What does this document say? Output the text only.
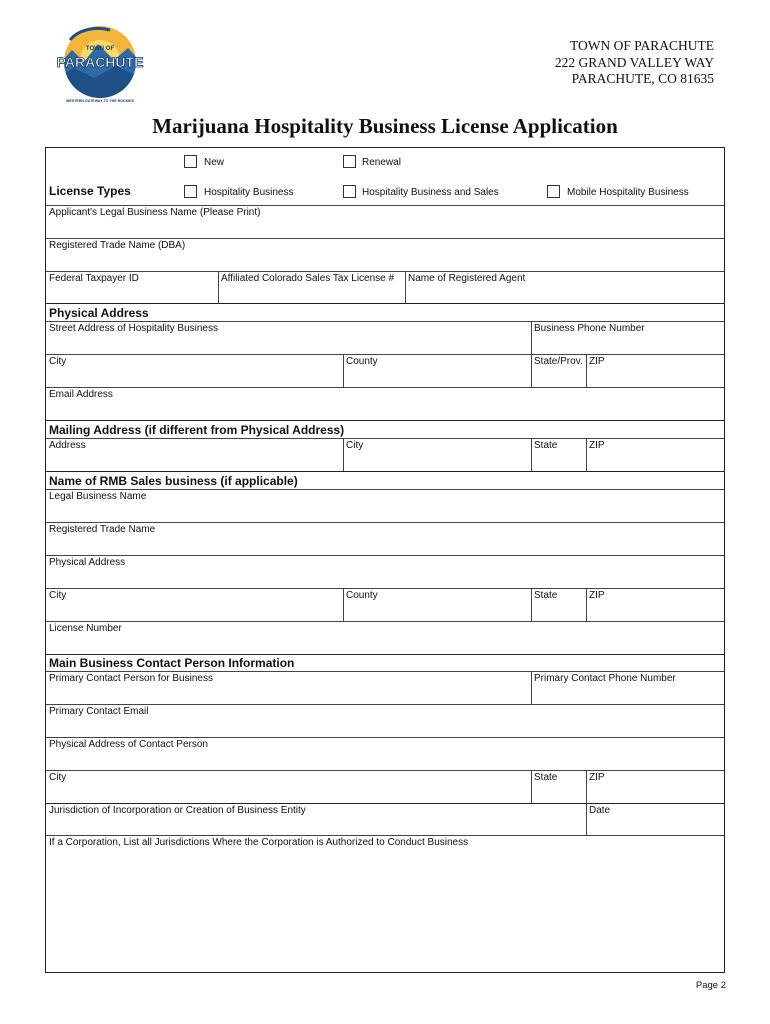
TOWN OF
PARACHUTE
WESTERN GATEWAY TO THE ROCKIES
TOWN OF PARACHUTE
222 GRAND VALLEY WAY
PARACHUTE, CO 81635
Marijuana Hospitality Business License Application
New	Renewal
License Types	Hospitality Business	Hospitality Business and Sales	Mobile Hospitality Business
Applicant's Legal Business Name (Please Print)
Registered Trade Name (DBA)
Federal Taxpayer ID	Affiliated Colorado Sales Tax License # Name of Registered Agent
Physical Address
Street Address of Hospitality Business	Business Phone Number
City	County	State/Prov. ZIP
Email Address
Mailing Address (if different from Physical Address)
Address	City	State	ZIP
Name of RMB Sales business (if applicable)
Legal Business Name
Registered Trade Name
Physical Address
City	County	State	ZIP
License Number
Main Business Contact Person Information
Primary Contact Person for Business	Primary Contact Phone Number
Primary Contact Email
Physical Address of Contact Person
City	State	ZIP
Jurisdiction of Incorporation or Creation of Business Entity	Date
If a Corporation, List all Jurisdictions Where the Corporation is Authorized to Conduct Business
Page 2
